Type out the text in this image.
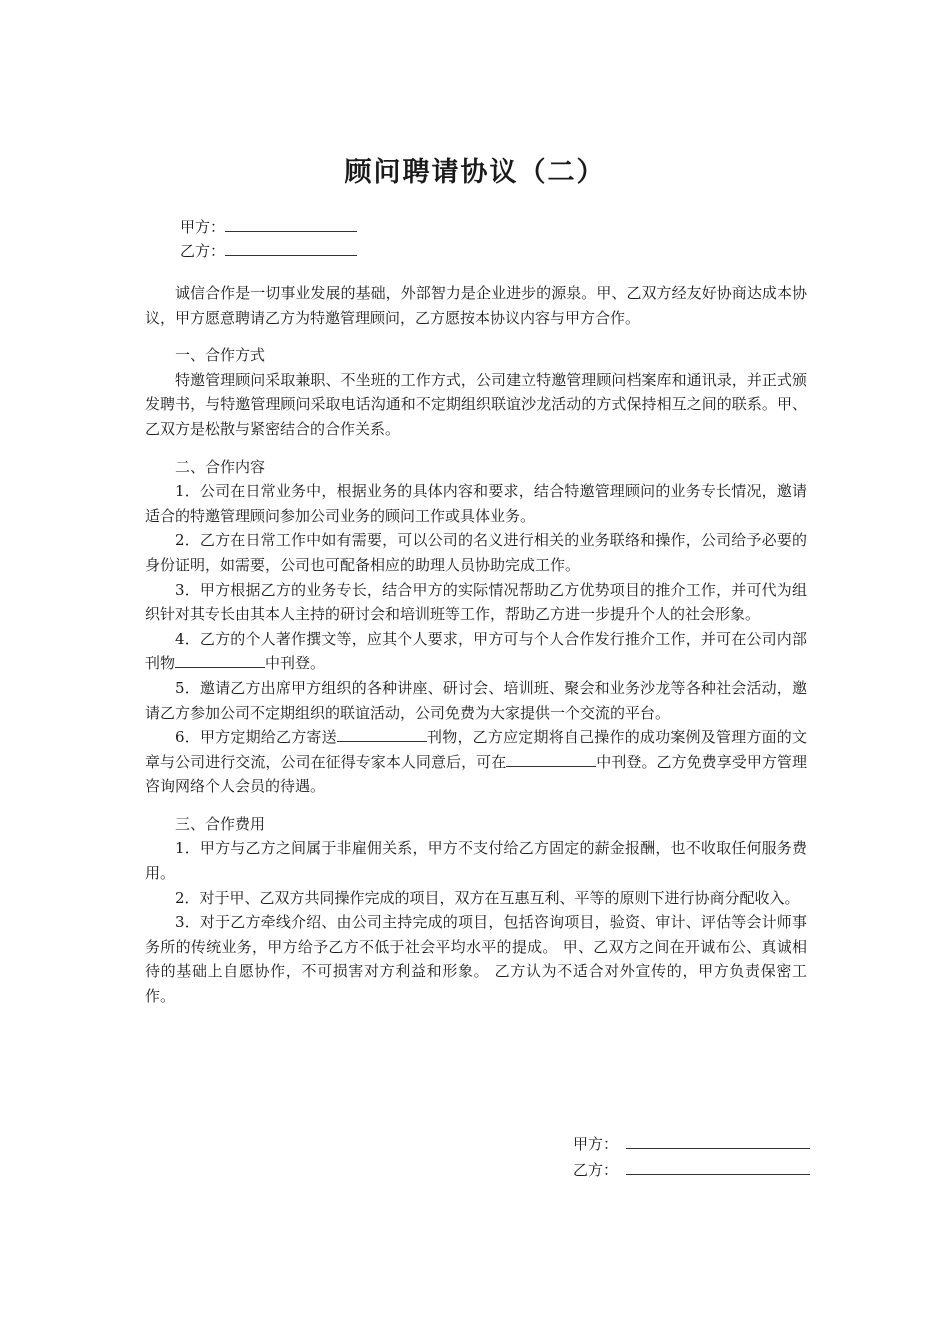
顾问聘请协议（二）
甲方：
乙方：

诚信合作是一切事业发展的基础，外部智力是企业进步的源泉。甲、乙双方经友好协商达成本协议，甲方愿意聘请乙方为特邀管理顾问，乙方愿按本协议内容与甲方合作。

一、合作方式

特邀管理顾问采取兼职、不坐班的工作方式，公司建立特邀管理顾问档案库和通讯录，并正式颁发聘书，与特邀管理顾问采取电话沟通和不定期组织联谊沙龙活动的方式保持相互之间的联系。甲、乙双方是松散与紧密结合的合作关系。

二、合作内容

1．公司在日常业务中，根据业务的具体内容和要求，结合特邀管理顾问的业务专长情况，邀请适合的特邀管理顾问参加公司业务的顾问工作或具体业务。

2．乙方在日常工作中如有需要，可以公司的名义进行相关的业务联络和操作，公司给予必要的身份证明，如需要，公司也可配备相应的助理人员协助完成工作。

3．甲方根据乙方的业务专长，结合甲方的实际情况帮助乙方优势项目的推介工作，并可代为组织针对其专长由其本人主持的研讨会和培训班等工作，帮助乙方进一步提升个人的社会形象。

4．乙方的个人著作撰文等，应其个人要求，甲方可与个人合作发行推介工作，并可在公司内部刊物	中刊登。

5．邀请乙方出席甲方组织的各种讲座、研讨会、培训班、聚会和业务沙龙等各种社会活动，邀请乙方参加公司不定期组织的联谊活动，公司免费为大家提供一个交流的平台。

6．甲方定期给乙方寄送	刊物，乙方应定期将自己操作的成功案例及管理方面的文章与公司进行交流，公司在征得专家本人同意后，可在	中刊登。乙方免费享受甲方管理咨询网络个人会员的待遇。

三、合作费用

1．甲方与乙方之间属于非雇佣关系，甲方不支付给乙方固定的薪金报酬，也不收取任何服务费用。

2．对于甲、乙双方共同操作完成的项目，双方在互惠互利、平等的原则下进行协商分配收入。

3．对于乙方牵线介绍、由公司主持完成的项目，包括咨询项目，验资、审计、评估等会计师事务所的传统业务，甲方给予乙方不低于社会平均水平的提成。 甲、乙双方之间在开诚布公、真诚相待的基础上自愿协作，不可损害对方利益和形象。 乙方认为不适合对外宣传的，甲方负责保密工作。

甲方：
乙方：
